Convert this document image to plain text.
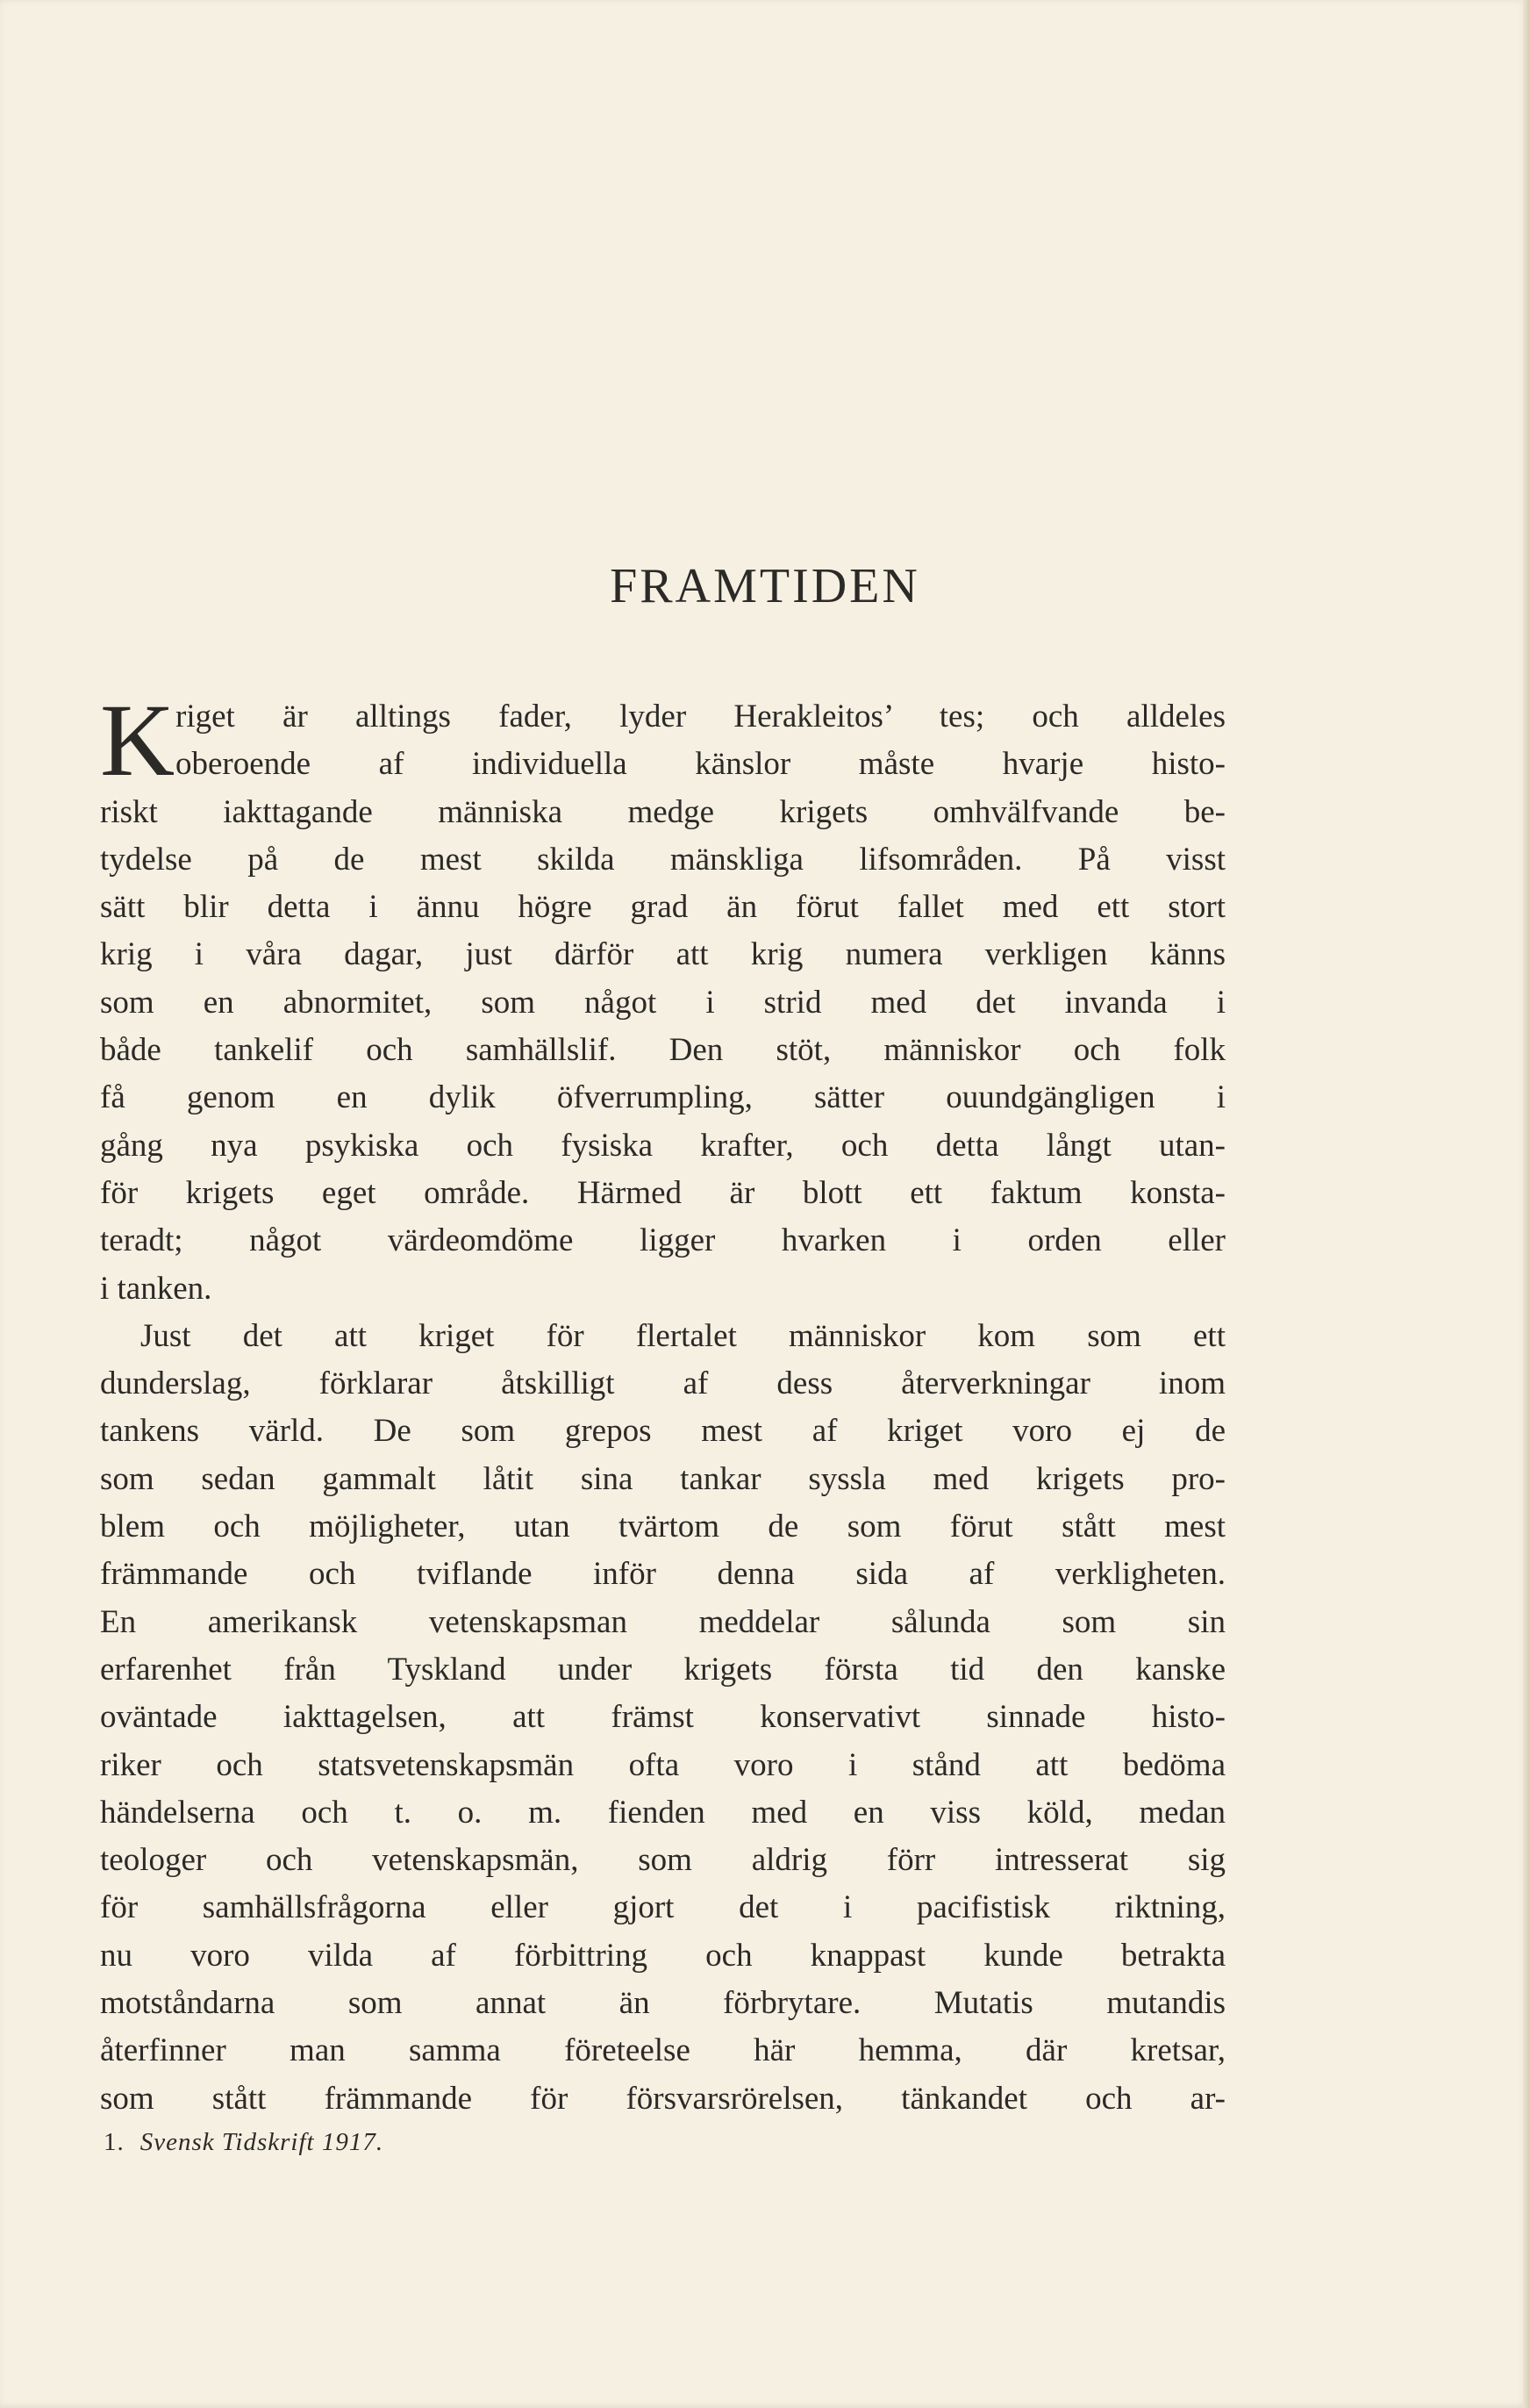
FRAMTIDEN
K riget är alltings fader, lyder Herakleitos’ tes; och alldeles
oberoende af individuella känslor måste hvarje histo-
riskt iakttagande människa medge krigets omhvälfvande be-
tydelse på de mest skilda mänskliga lifsområden. På visst
sätt blir detta i ännu högre grad än förut fallet med ett stort
krig i våra dagar, just därför att krig numera verkligen känns
som en abnormitet, som något i strid med det invanda i
både tankelif och samhällslif. Den stöt, människor och folk
få genom en dylik öfverrumpling, sätter ouundgängligen i
gång nya psykiska och fysiska krafter, och detta långt utan-
för krigets eget område. Härmed är blott ett faktum konsta-
teradt; något värdeomdöme ligger hvarken i orden eller
i tanken.
Just det att kriget för flertalet människor kom som ett
dunderslag, förklarar åtskilligt af dess återverkningar inom
tankens värld. De som grepos mest af kriget voro ej de
som sedan gammalt låtit sina tankar syssla med krigets pro-
blem och möjligheter, utan tvärtom de som förut stått mest
främmande och tviflande inför denna sida af verkligheten.
En amerikansk vetenskapsman meddelar sålunda som sin
erfarenhet från Tyskland under krigets första tid den kanske
oväntade iakttagelsen, att främst konservativt sinnade histo-
riker och statsvetenskapsmän ofta voro i stånd att bedöma
händelserna och t. o. m. fienden med en viss köld, medan
teologer och vetenskapsmän, som aldrig förr intresserat sig
för samhällsfrågorna eller gjort det i pacifistisk riktning,
nu voro vilda af förbittring och knappast kunde betrakta
motståndarna som annat än förbrytare. Mutatis mutandis
återfinner man samma företeelse här hemma, där kretsar,
som stått främmande för försvarsrörelsen, tänkandet och ar-
1. Svensk Tidskrift 1917.
